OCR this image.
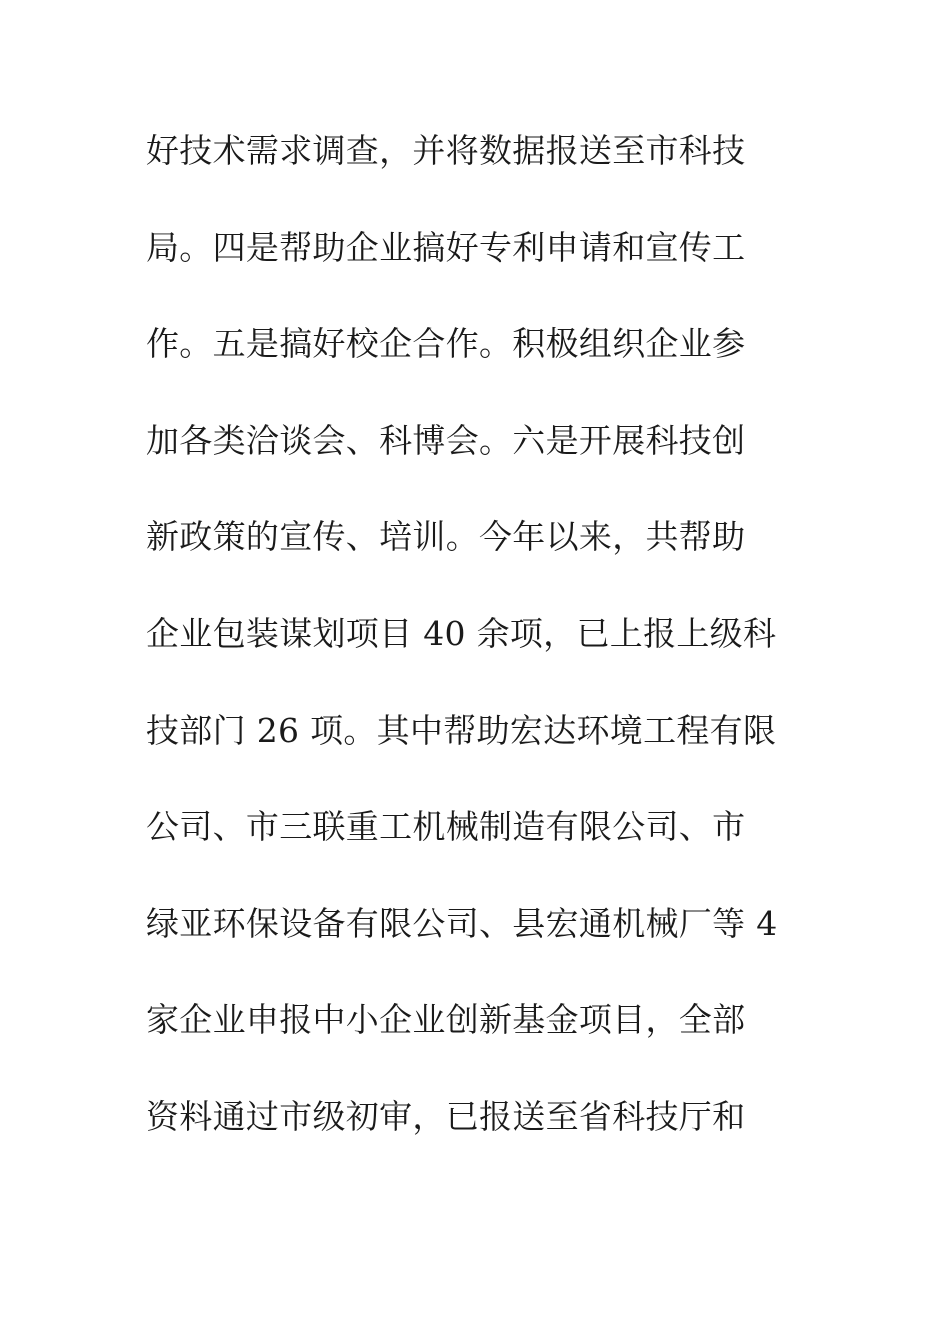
好技术需求调查，并将数据报送至市科技
局。四是帮助企业搞好专利申请和宣传工
作。五是搞好校企合作。积极组织企业参
加各类洽谈会、科博会。六是开展科技创
新政策的宣传、培训。今年以来，共帮助
企业包装谋划项目 40 余项，已上报上级科
技部门 26 项。其中帮助宏达环境工程有限
公司、市三联重工机械制造有限公司、市
绿亚环保设备有限公司、县宏通机械厂等 4
家企业申报中小企业创新基金项目，全部
资料通过市级初审，已报送至省科技厅和
